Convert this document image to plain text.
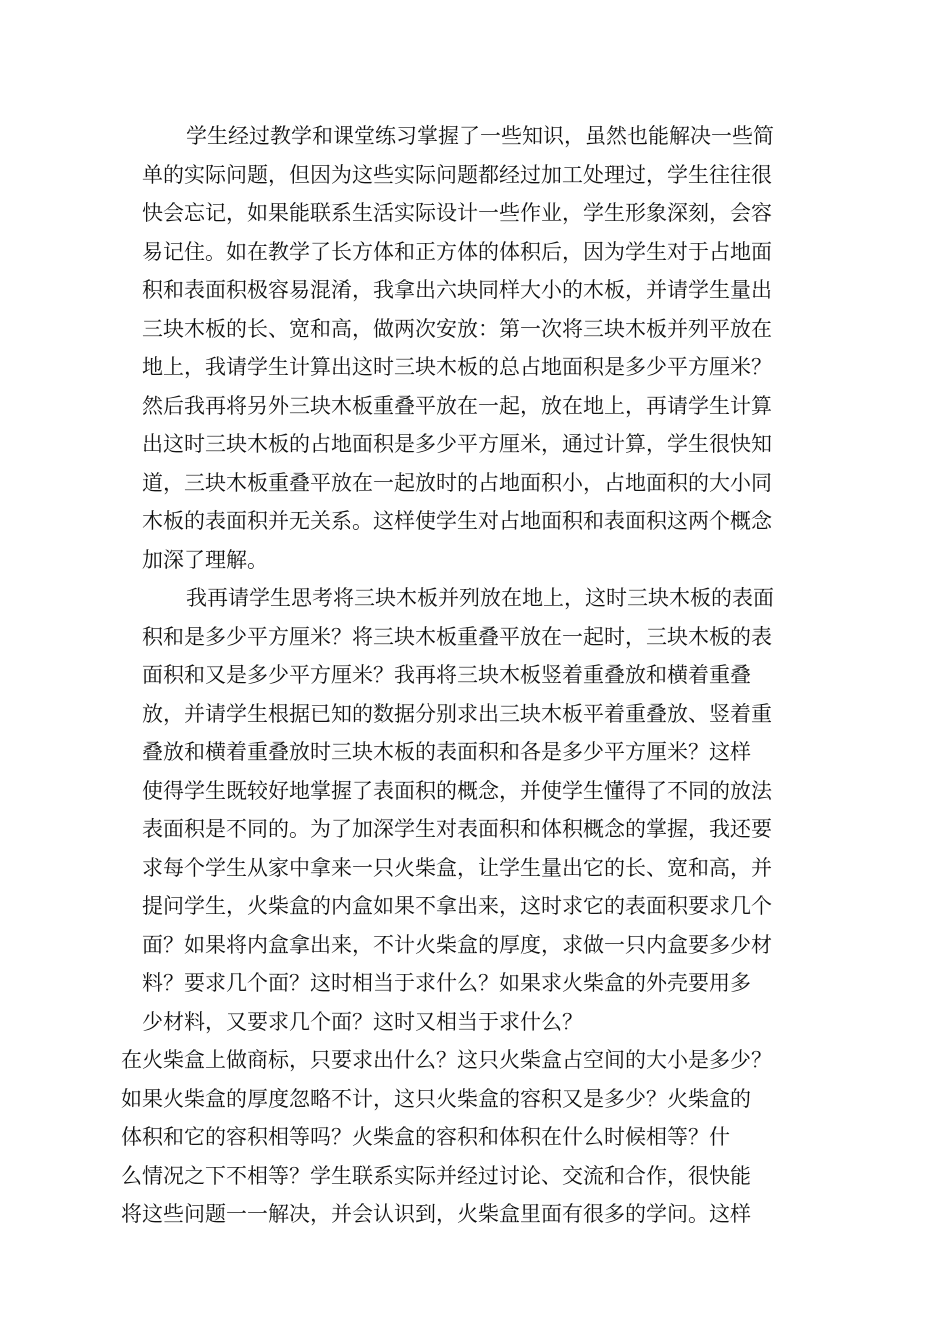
学生经过教学和课堂练习掌握了一些知识，虽然也能解决一些简
单的实际问题，但因为这些实际问题都经过加工处理过，学生往往很
快会忘记，如果能联系生活实际设计一些作业，学生形象深刻，会容
易记住。如在教学了长方体和正方体的体积后，因为学生对于占地面
积和表面积极容易混淆，我拿出六块同样大小的木板，并请学生量出
三块木板的长、宽和高，做两次安放：第一次将三块木板并列平放在
地上，我请学生计算出这时三块木板的总占地面积是多少平方厘米？
然后我再将另外三块木板重叠平放在一起，放在地上，再请学生计算
出这时三块木板的占地面积是多少平方厘米，通过计算，学生很快知
道，三块木板重叠平放在一起放时的占地面积小，占地面积的大小同
木板的表面积并无关系。这样使学生对占地面积和表面积这两个概念
加深了理解。
我再请学生思考将三块木板并列放在地上，这时三块木板的表面
积和是多少平方厘米？将三块木板重叠平放在一起时，三块木板的表
面积和又是多少平方厘米？我再将三块木板竖着重叠放和横着重叠
放，并请学生根据已知的数据分别求出三块木板平着重叠放、竖着重
叠放和横着重叠放时三块木板的表面积和各是多少平方厘米？这样
使得学生既较好地掌握了表面积的概念，并使学生懂得了不同的放法
表面积是不同的。为了加深学生对表面积和体积概念的掌握，我还要
求每个学生从家中拿来一只火柴盒，让学生量出它的长、宽和高，并
提问学生，火柴盒的内盒如果不拿出来，这时求它的表面积要求几个
面？如果将内盒拿出来，不计火柴盒的厚度，求做一只内盒要多少材
料？要求几个面？这时相当于求什么？如果求火柴盒的外壳要用多
少材料，又要求几个面？这时又相当于求什么？
在火柴盒上做商标，只要求出什么？这只火柴盒占空间的大小是多少？
如果火柴盒的厚度忽略不计，这只火柴盒的容积又是多少？火柴盒的
体积和它的容积相等吗？火柴盒的容积和体积在什么时候相等？什
么情况之下不相等？学生联系实际并经过讨论、交流和合作，很快能
将这些问题一一解决，并会认识到，火柴盒里面有很多的学问。这样
